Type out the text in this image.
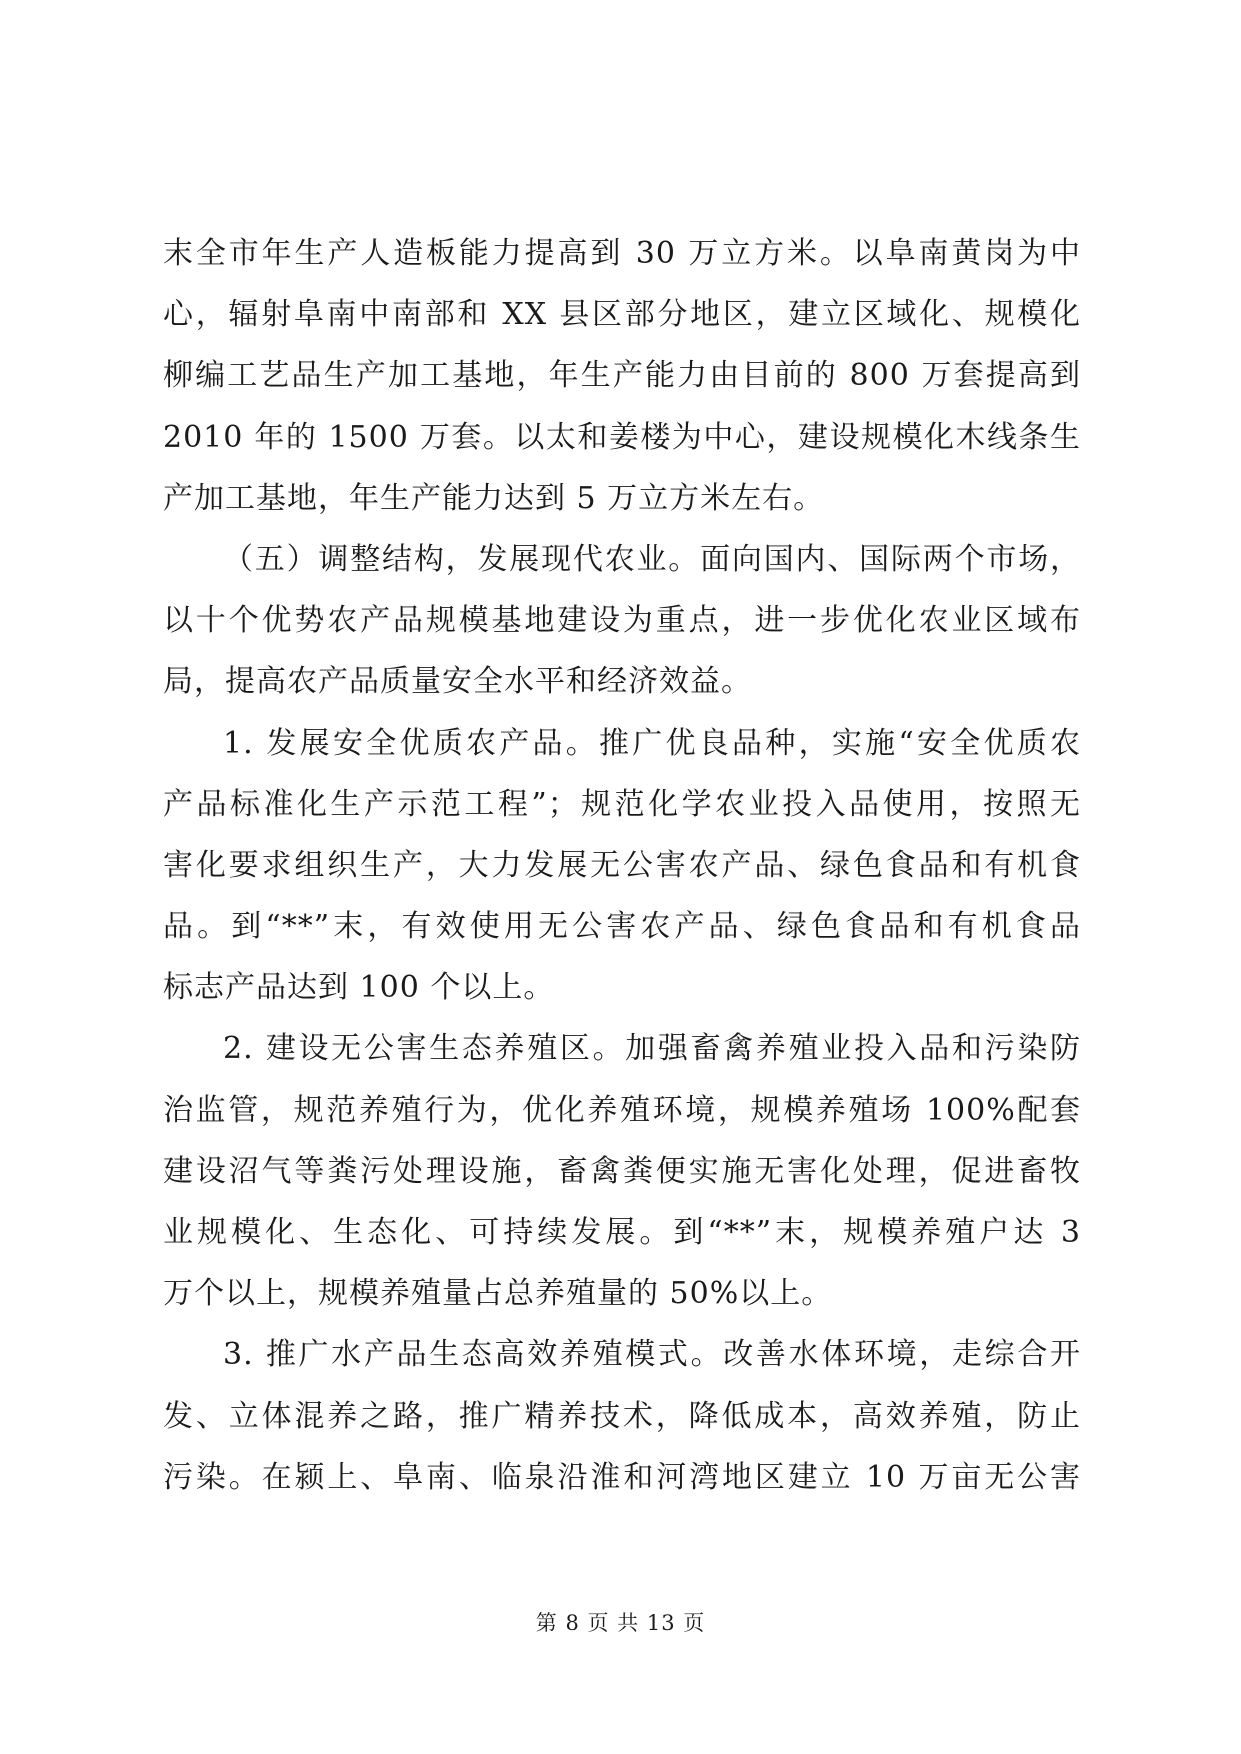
末全市年生产人造板能力提高到 30 万立方米。以阜南黄岗为中
心，辐射阜南中南部和 XX 县区部分地区，建立区域化、规模化
柳编工艺品生产加工基地，年生产能力由目前的 800 万套提高到
2010 年的 1500 万套。以太和姜楼为中心，建设规模化木线条生
产加工基地，年生产能力达到 5 万立方米左右。
（五）调整结构，发展现代农业。面向国内、国际两个市场，
以十个优势农产品规模基地建设为重点，进一步优化农业区域布
局，提高农产品质量安全水平和经济效益。
1. 发展安全优质农产品。推广优良品种，实施“安全优质农
产品标准化生产示范工程”；规范化学农业投入品使用，按照无
害化要求组织生产，大力发展无公害农产品、绿色食品和有机食
品。到“**”末，有效使用无公害农产品、绿色食品和有机食品
标志产品达到 100 个以上。
2. 建设无公害生态养殖区。加强畜禽养殖业投入品和污染防
治监管，规范养殖行为，优化养殖环境，规模养殖场 100%配套
建设沼气等粪污处理设施，畜禽粪便实施无害化处理，促进畜牧
业规模化、生态化、可持续发展。到“**”末，规模养殖户达 3
万个以上，规模养殖量占总养殖量的 50%以上。
3. 推广水产品生态高效养殖模式。改善水体环境，走综合开
发、立体混养之路，推广精养技术，降低成本，高效养殖，防止
污染。在颍上、阜南、临泉沿淮和河湾地区建立 10 万亩无公害
第 8 页 共 13 页
